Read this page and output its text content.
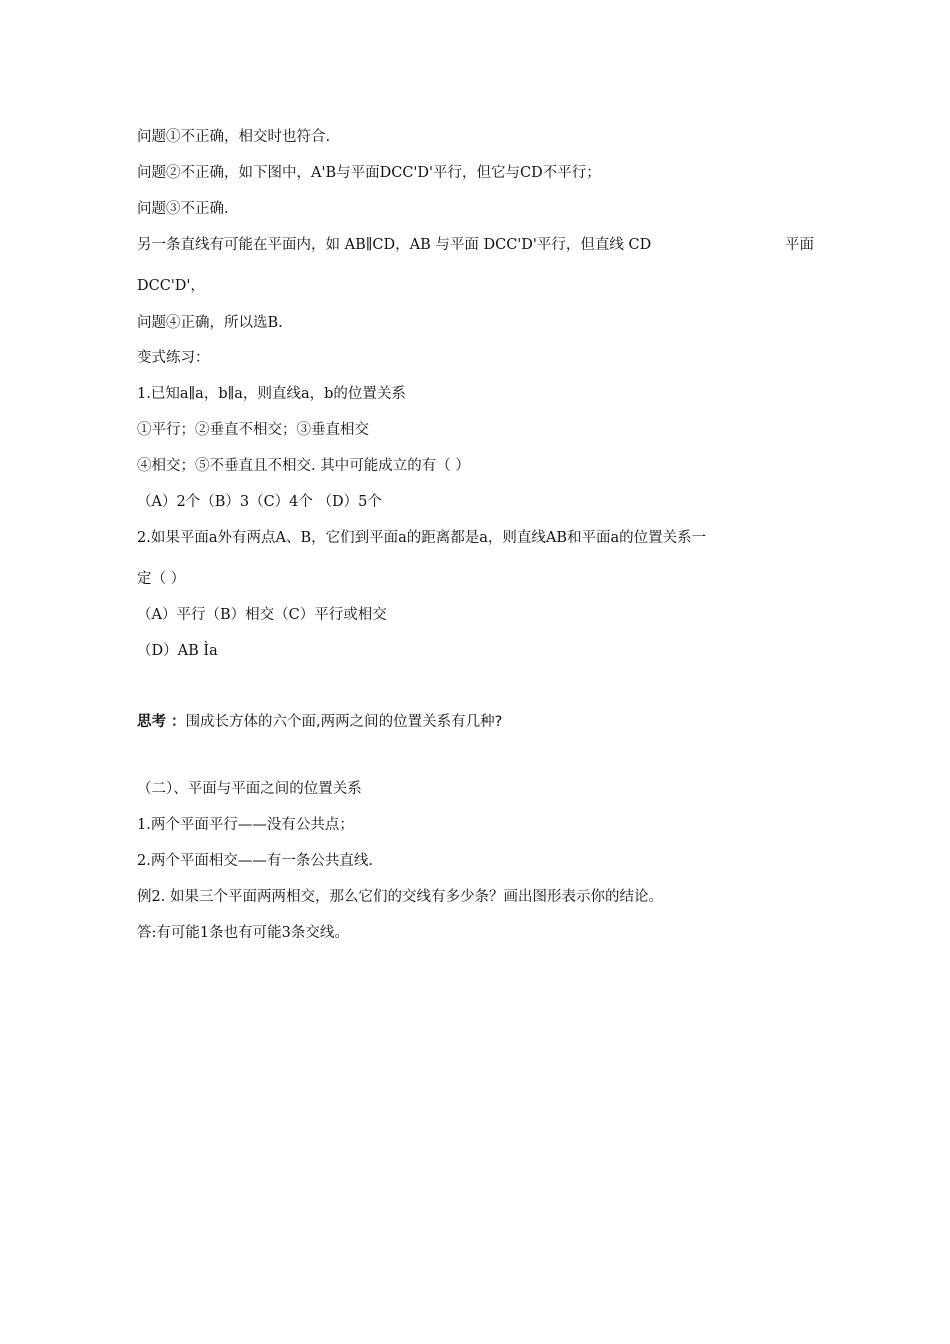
问题①不正确，相交时也符合.
问题②不正确，如下图中，A'B与平面DCC'D'平行，但它与CD不平行；
问题③不正确.
另一条直线有可能在平面内，如 AB∥CD，AB 与平面 DCC'D'平行，但直线 CD	平面
DCC'D'，
问题④正确，所以选B.
变式练习：
1.已知a∥a，b∥a，则直线a，b的位置关系
①平行；②垂直不相交；③垂直相交
④相交；⑤不垂直且不相交. 其中可能成立的有（ ）
（A）2个（B）3（C）4个 （D）5个
2.如果平面a外有两点A、B，它们到平面a的距离都是a，则直线AB和平面a的位置关系一
定（ ）
（A）平行（B）相交（C）平行或相交
（D）AB Ìa
思考 ：围成长方体的六个面,两两之间的位置关系有几种?
（二）、平面与平面之间的位置关系
1.两个平面平行——没有公共点；
2.两个平面相交——有一条公共直线.
例2. 如果三个平面两两相交，那么它们的交线有多少条？画出图形表示你的结论。
答:有可能1条也有可能3条交线。
